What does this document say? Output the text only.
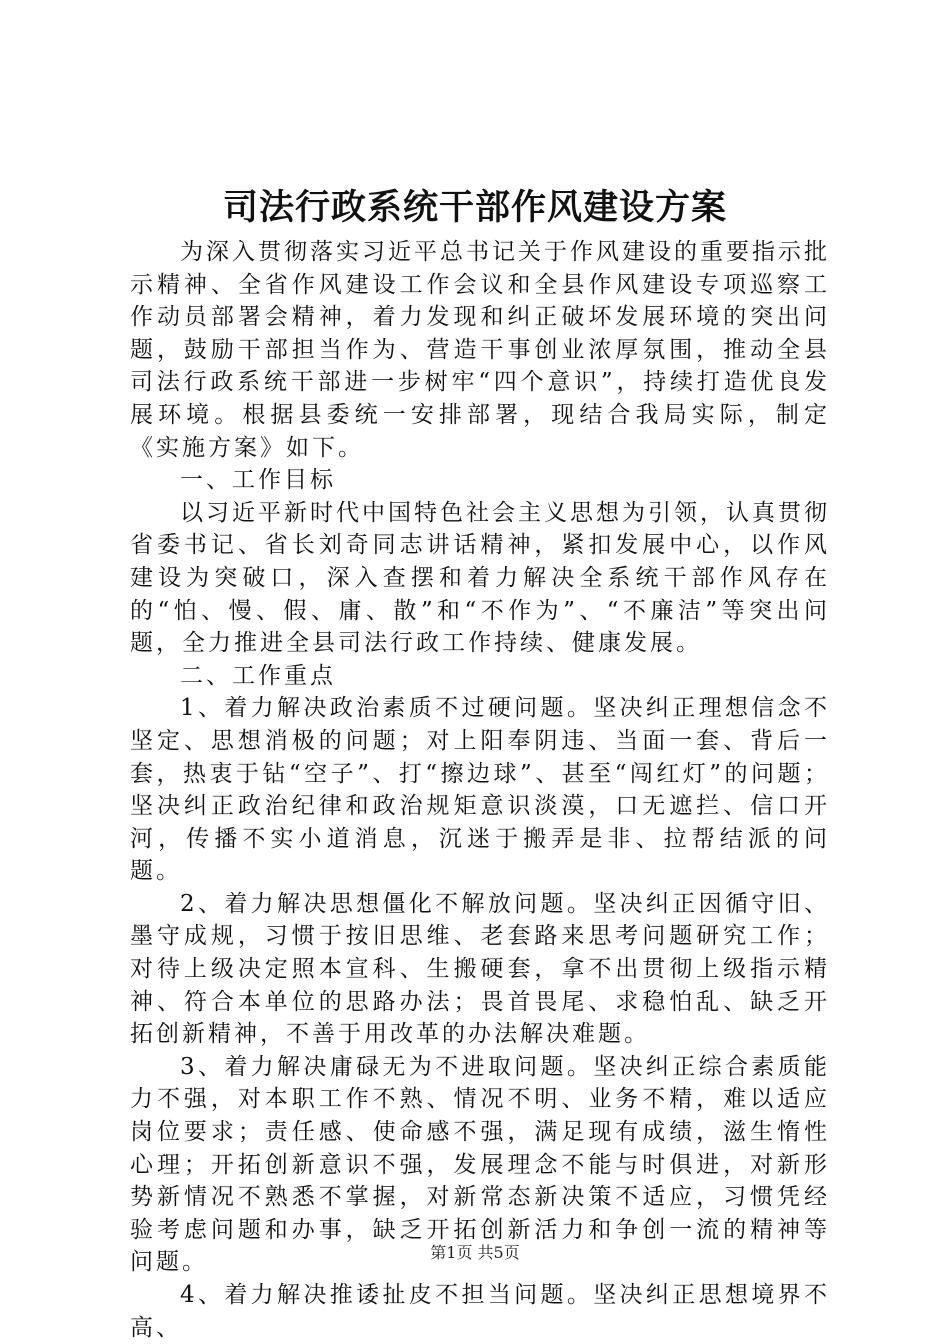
司法行政系统干部作风建设方案

为深入贯彻落实习近平总书记关于作风建设的重要指示批示精神、全省作风建设工作会议和全县作风建设专项巡察工作动员部署会精神，着力发现和纠正破坏发展环境的突出问题，鼓励干部担当作为、营造干事创业浓厚氛围，推动全县司法行政系统干部进一步树牢“四个意识”，持续打造优良发展环境。根据县委统一安排部署，现结合我局实际，制定《实施方案》如下。

一、工作目标

以习近平新时代中国特色社会主义思想为引领，认真贯彻省委书记、省长刘奇同志讲话精神，紧扣发展中心，以作风建设为突破口，深入查摆和着力解决全系统干部作风存在的“怕、慢、假、庸、散”和“不作为”、“不廉洁”等突出问题，全力推进全县司法行政工作持续、健康发展。

二、工作重点

1、着力解决政治素质不过硬问题。坚决纠正理想信念不坚定、思想消极的问题；对上阳奉阴违、当面一套、背后一套，热衷于钻“空子”、打“擦边球”、甚至“闯红灯”的问题；坚决纠正政治纪律和政治规矩意识淡漠，口无遮拦、信口开河，传播不实小道消息，沉迷于搬弄是非、拉帮结派的问题。

2、着力解决思想僵化不解放问题。坚决纠正因循守旧、墨守成规，习惯于按旧思维、老套路来思考问题研究工作；对待上级决定照本宣科、生搬硬套，拿不出贯彻上级指示精神、符合本单位的思路办法；畏首畏尾、求稳怕乱、缺乏开拓创新精神，不善于用改革的办法解决难题。

3、着力解决庸碌无为不进取问题。坚决纠正综合素质能力不强，对本职工作不熟、情况不明、业务不精，难以适应岗位要求；责任感、使命感不强，满足现有成绩，滋生惰性心理；开拓创新意识不强，发展理念不能与时俱进，对新形势新情况不熟悉不掌握，对新常态新决策不适应，习惯凭经验考虑问题和办事，缺乏开拓创新活力和争创一流的精神等问题。

4、着力解决推诿扯皮不担当问题。坚决纠正思想境界不高、

第1页 共5页
